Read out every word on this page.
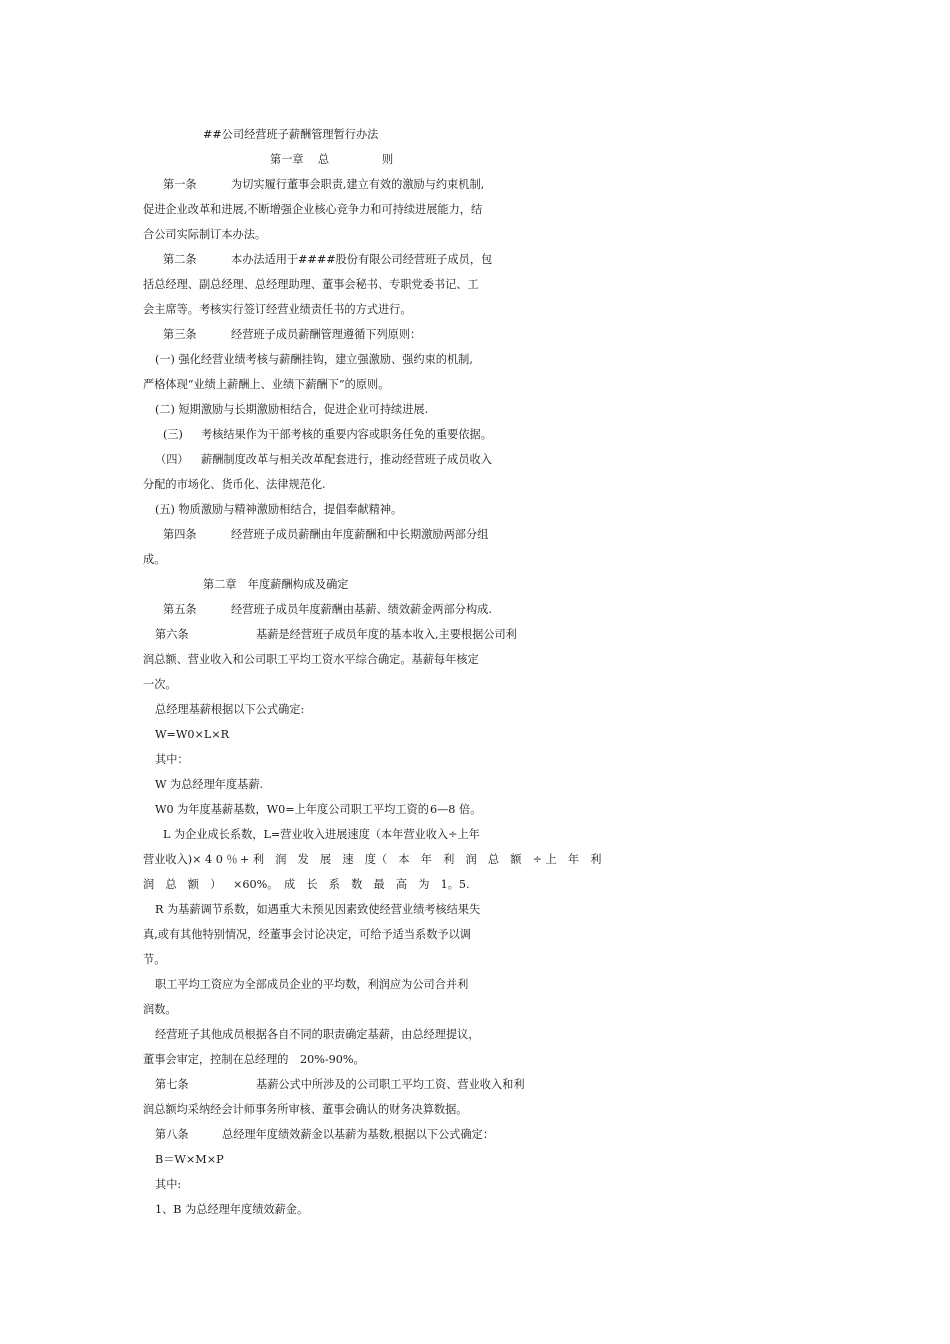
##公司经营班子薪酬管理暂行办法

第一章 总	则

第一条	为切实履行董事会职责,建立有效的激励与约束机制,

促进企业改革和进展,不断增强企业核心竞争力和可持续进展能力，结

合公司实际制订本办法。

第二条	本办法适用于####股份有限公司经营班子成员，包

括总经理、副总经理、总经理助理、董事会秘书、专职党委书记、工

会主席等。考核实行签订经营业绩责任书的方式进行。

第三条	经营班子成员薪酬管理遵循下列原则：

(一) 强化经营业绩考核与薪酬挂钩，建立强激励、强约束的机制,

严格体现“业绩上薪酬上、业绩下薪酬下”的原则。

(二) 短期激励与长期激励相结合，促进企业可持续进展.

(三) 考核结果作为干部考核的重要内容或职务任免的重要依据。

（四） 薪酬制度改革与相关改革配套进行，推动经营班子成员收入

分配的市场化、货币化、法律规范化.

(五) 物质激励与精神激励相结合，提倡奉献精神。

第四条	经营班子成员薪酬由年度薪酬和中长期激励两部分组

成。

第二章　年度薪酬构成及确定

第五条	经营班子成员年度薪酬由基薪、绩效薪金两部分构成.

第六条	基薪是经营班子成员年度的基本收入,主要根据公司利

润总额、营业收入和公司职工平均工资水平综合确定。基薪每年核定

一次。

总经理基薪根据以下公式确定:

W=W0×L×R

其中：

W 为总经理年度基薪.

W0 为年度基薪基数，W0=上年度公司职工平均工资的 6—8 倍。

L 为企业成长系数，L=营业收入进展速度（本年营业收入÷上年

营业收入)× 4 0 ％ + 利　润　发　展　速　度（　本　年　利　润　总　额　÷ 上　年　利

润　总　额　） ×60%。 成　长　系　数　最　高　为　1。5.

R 为基薪调节系数，如遇重大未预见因素致使经营业绩考核结果失

真,或有其他特别情况，经董事会讨论决定，可给予适当系数予以调

节。

职工平均工资应为全部成员企业的平均数，利润应为公司合并利

润数。

经营班子其他成员根据各自不同的职责确定基薪，由总经理提议，

董事会审定，控制在总经理的 20%-90%。

第七条	基薪公式中所涉及的公司职工平均工资、营业收入和利

润总额均采纳经会计师事务所审核、董事会确认的财务决算数据。

第八条	总经理年度绩效薪金以基薪为基数,根据以下公式确定：

B＝W×M×P

其中:

1、B 为总经理年度绩效薪金。
